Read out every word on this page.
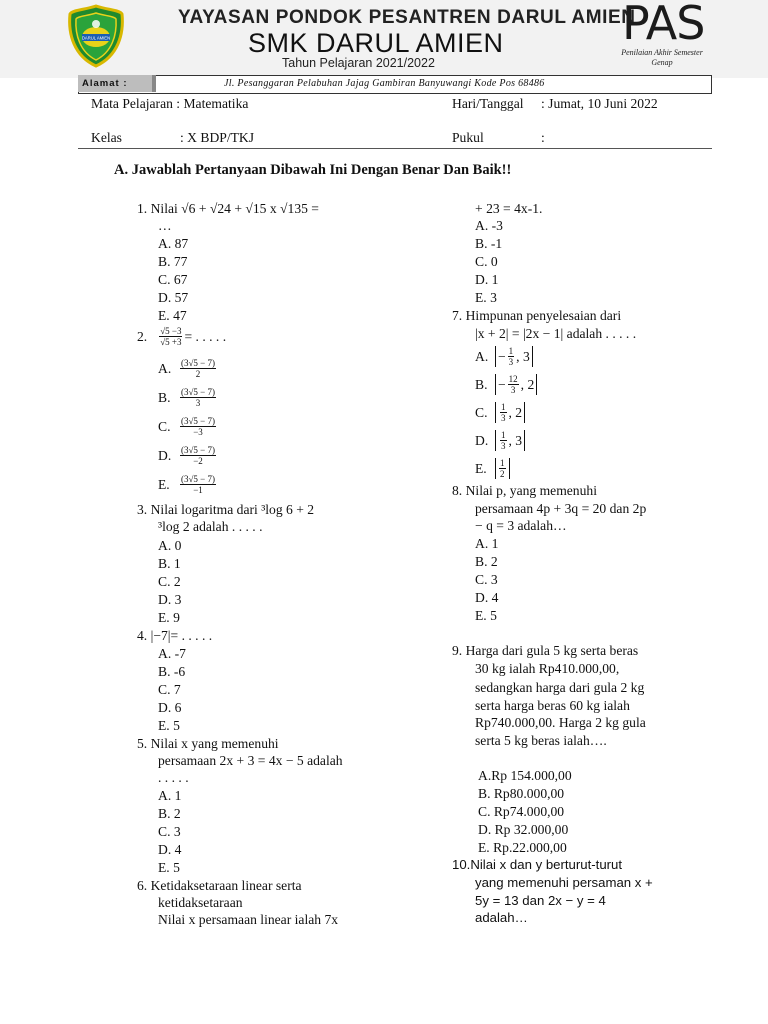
DARUL AMIEN
YAYASAN PONDOK PESANTREN DARUL AMIEN
SMK DARUL AMIEN
Tahun Pelajaran 2021/2022
PAS
Penilaian Akhir Semester
Genap
Alamat :	Jl. Pesanggaran Pelabuhan Jajag Gambiran Banyuwangi Kode Pos 68486
Mata Pelajaran : Matematika	Hari/Tanggal : Jumat, 10 Juni 2022
Kelas	: X BDP/TKJ	Pukul	:
A. Jawablah Pertanyaan Dibawah Ini Dengan Benar Dan Baik!!
1. Nilai √6 + √24 + √15 x √135 =
…
A. 87
B. 77
C. 67
D. 57
E. 47
2. $\frac{√5 -3}{√5 +3}$ = . . . . .
A. $\frac{(3√5 - 7)}{2}$
B.	$\frac{(3√5 - 7)}{3}$
C.	$\frac{(3√5 - 7)}{-3}$
D. $\frac{(3√5 - 7)}{-2}$
E.	$\frac{(3√5 - 7)}{-1}$
3. Nilai logaritma dari ³log 6 + 2
³log 2 adalah . . . . .
A. 0
B. 1
C. 2
D. 3
E. 9
4. |−7|= . . . . .
A. -7
B. -6
C. 7
D. 6
E. 5
5. Nilai x yang memenuhi
persamaan 2x + 3 = 4x − 5 adalah
. . . . .
A. 1
B. 2
C. 3
D. 4
E. 5
6. Ketidaksetaraan linear serta
ketidaksetaraan
Nilai x persamaan linear ialah 7x
+ 23 = 4x-1.
A. -3
B. -1
C. 0
D. 1
E. 3
7. Himpunan penyelesaian dari
|x + 2| = |2x − 1| adalah . . . . .
A. − $\frac{1}{3}$ , 3
B. − $\frac{12}{3}$ , 2
C.	$\frac{1}{3}$ , 2
D.	$\frac{1}{3}$ , 3
E.	$\frac{1}{2}$
8. Nilai p, yang memenuhi
persamaan 4p + 3q = 20 dan 2p
− q = 3 adalah…
A. 1
B. 2
C. 3
D. 4
E. 5
9. Harga dari gula 5 kg serta beras
30 kg ialah Rp410.000,00,
sedangkan harga dari gula 2 kg
serta harga beras 60 kg ialah
Rp740.000,00. Harga 2 kg gula
serta 5 kg beras ialah….
A.Rp 154.000,00
B. Rp80.000,00
C. Rp74.000,00
D. Rp 32.000,00
E. Rp.22.000,00
10.Nilai x dan y berturut-turut
yang memenuhi persaman x +
5y = 13 dan 2x − y = 4
adalah…
